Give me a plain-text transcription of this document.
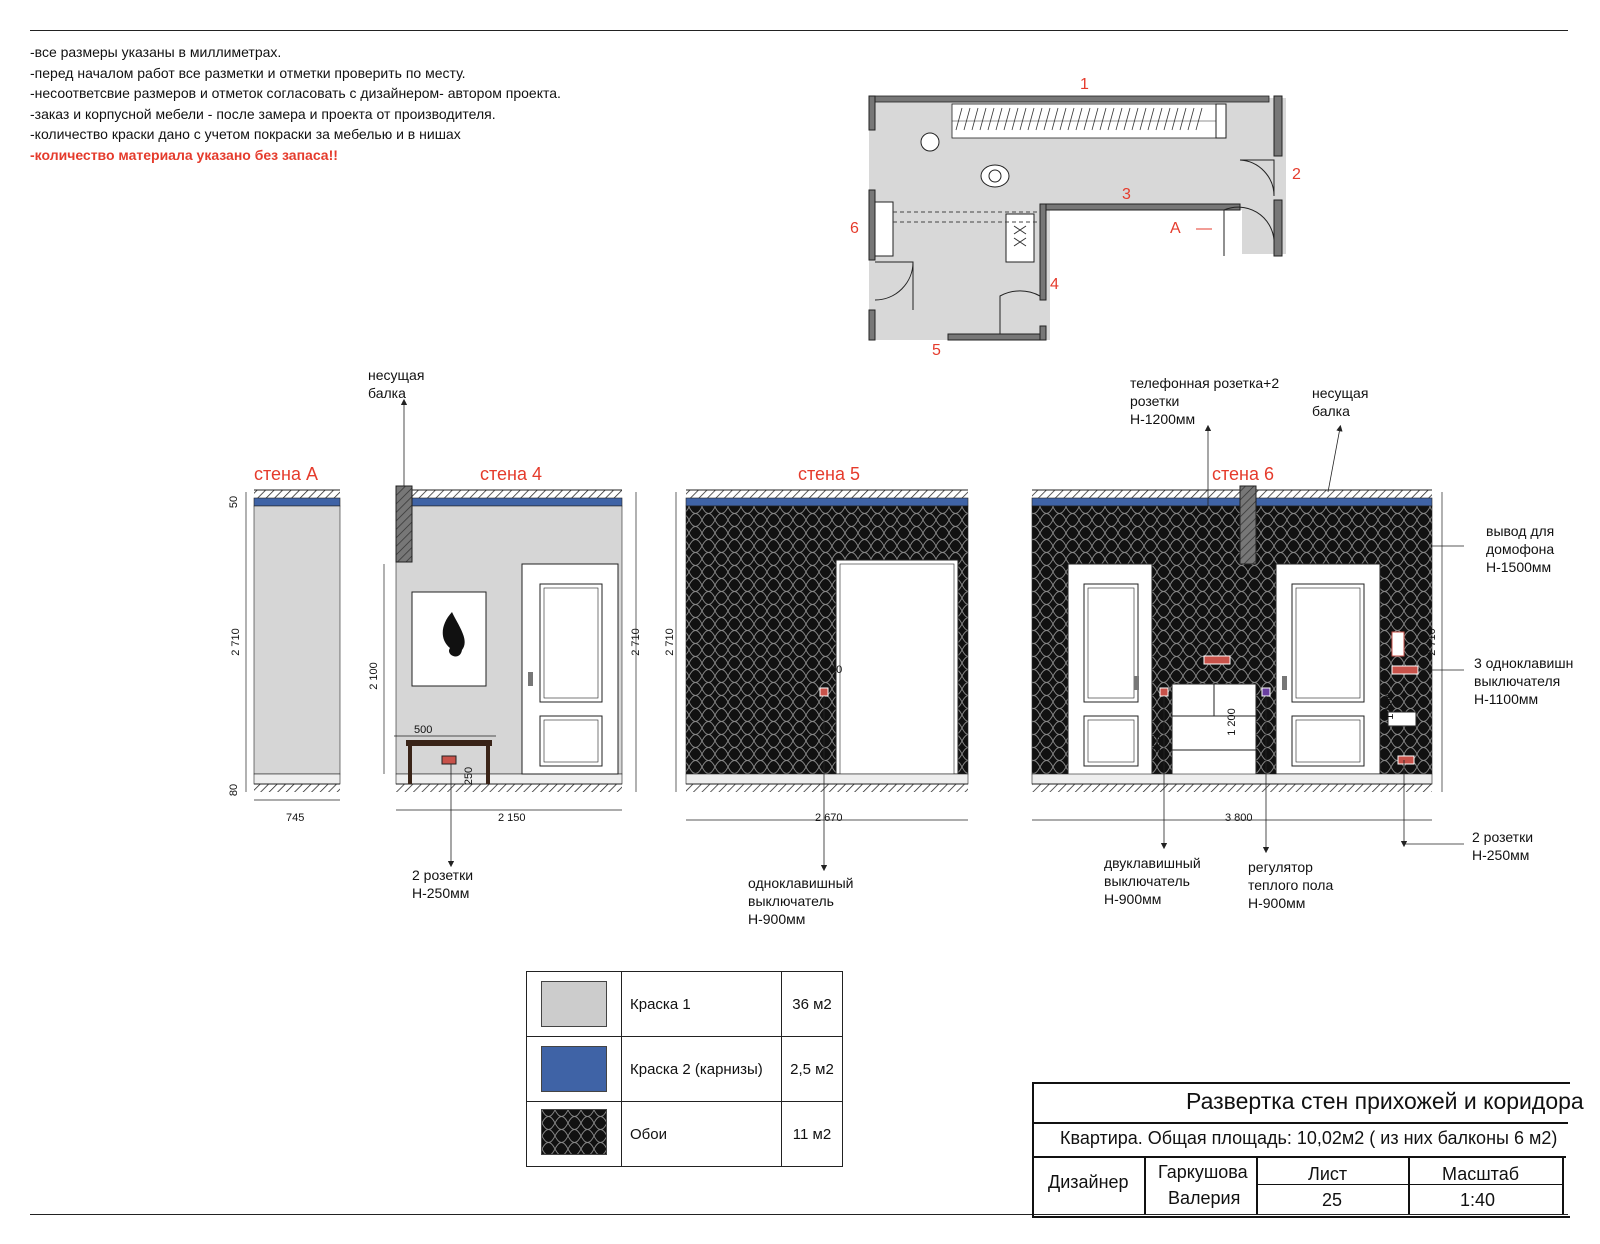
-все размеры указаны в миллиметрах.
-перед началом работ все разметки и отметки проверить по месту.
-несоответсвие размеров и отметок согласовать с дизайнером- автором проекта.
-заказ и корпусной мебели - после замера и проекта от производителя.
-количество краски дано с учетом покраски за мебелью и в нишах
-количество материала указано без запаса!!
1
2
3
4
5
6	A
стена А	стена 4	стена 5	стена 6
745	2 150	2 670	3 800
500
2 710
50
80
2 100
2 710
250
2 710
90
2 710
1 200
1 500
900
несущая
балка
2 розетки
Н-250мм
одноклавишный
выключатель
Н-900мм
телефонная розетка+2
розетки
Н-1200мм
несущая
балка
вывод для
домофона
Н-1500мм
3 одноклавишн
выключателя
Н-1100мм
2 розетки
Н-250мм
двуклавишный
выключатель
Н-900мм
регулятор
теплого пола
Н-900мм
	Краска 1	36 м2

	Краска 2 (карнизы)	2,5 м2
	Обои	11 м2
Развертка стен прихожей и коридора
Квартира. Общая площадь: 10,02м2 ( из них балконы 6 м2)
Дизайнер Гаркушова
Валерия
Лист
25
Масштаб
1:40
